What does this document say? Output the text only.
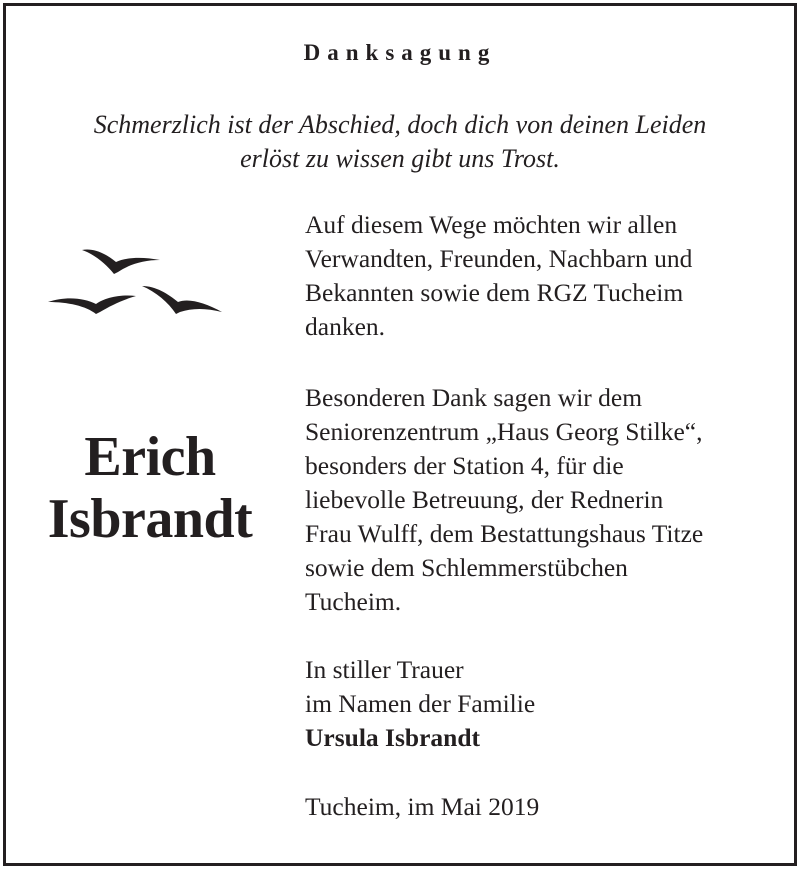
Danksagung
Schmerzlich ist der Abschied, doch dich von deinen Leiden
erlöst zu wissen gibt uns Trost.
Erich
Isbrandt
Auf diesem Wege möchten wir allen
Verwandten, Freunden, Nachbarn und
Bekannten sowie dem RGZ Tucheim
danken.
Besonderen Dank sagen wir dem
Seniorenzentrum „Haus Georg Stilke“,
besonders der Station 4, für die
liebevolle Betreuung, der Rednerin
Frau Wulff, dem Bestattungshaus Titze
sowie dem Schlemmerstübchen
Tucheim.
In stiller Trauer
im Namen der Familie
Ursula Isbrandt
Tucheim, im Mai 2019
